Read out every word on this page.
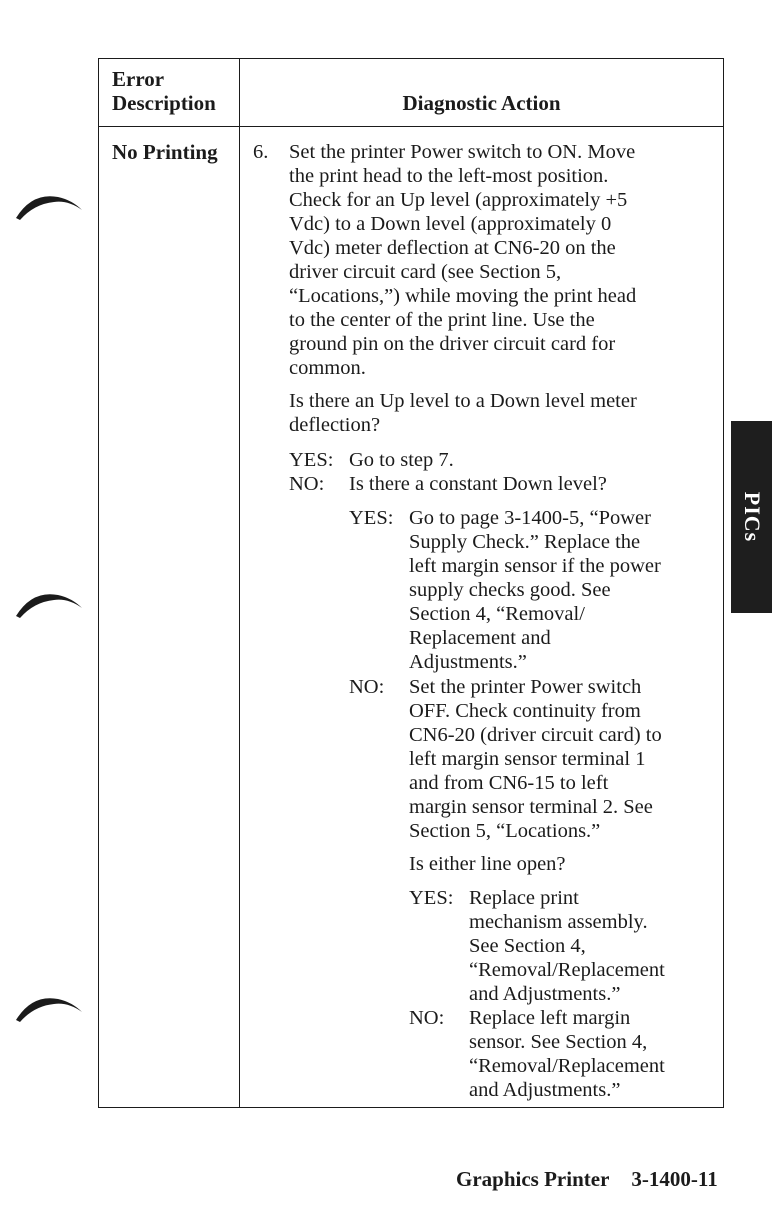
Error
Description	Diagnostic Action
No Printing 6. Set the printer Power switch to ON. Move
the print head to the left-most position.
Check for an Up level (approximately +5
Vdc) to a Down level (approximately 0
Vdc) meter deflection at CN6-20 on the
driver circuit card (see Section 5,
“Locations,”) while moving the print head
to the center of the print line. Use the
ground pin on the driver circuit card for
common.
Is there an Up level to a Down level meter
deflection?
YES: Go to step 7.
NO: Is there a constant Down level?
YES: Go to page 3-1400-5, “Power
Supply Check.” Replace the
left margin sensor if the power
supply checks good. See
Section 4, “Removal/
Replacement and
Adjustments.”
NO: Set the printer Power switch
OFF. Check continuity from
CN6-20 (driver circuit card) to
left margin sensor terminal 1
and from CN6-15 to left
margin sensor terminal 2. See
Section 5, “Locations.”
Is either line open?
YES: Replace print
mechanism assembly.
See Section 4,
“Removal/Replacement
and Adjustments.”
NO: Replace left margin
sensor. See Section 4,
“Removal/Replacement
and Adjustments.”
PICs
Graphics Printer 3-1400-11
